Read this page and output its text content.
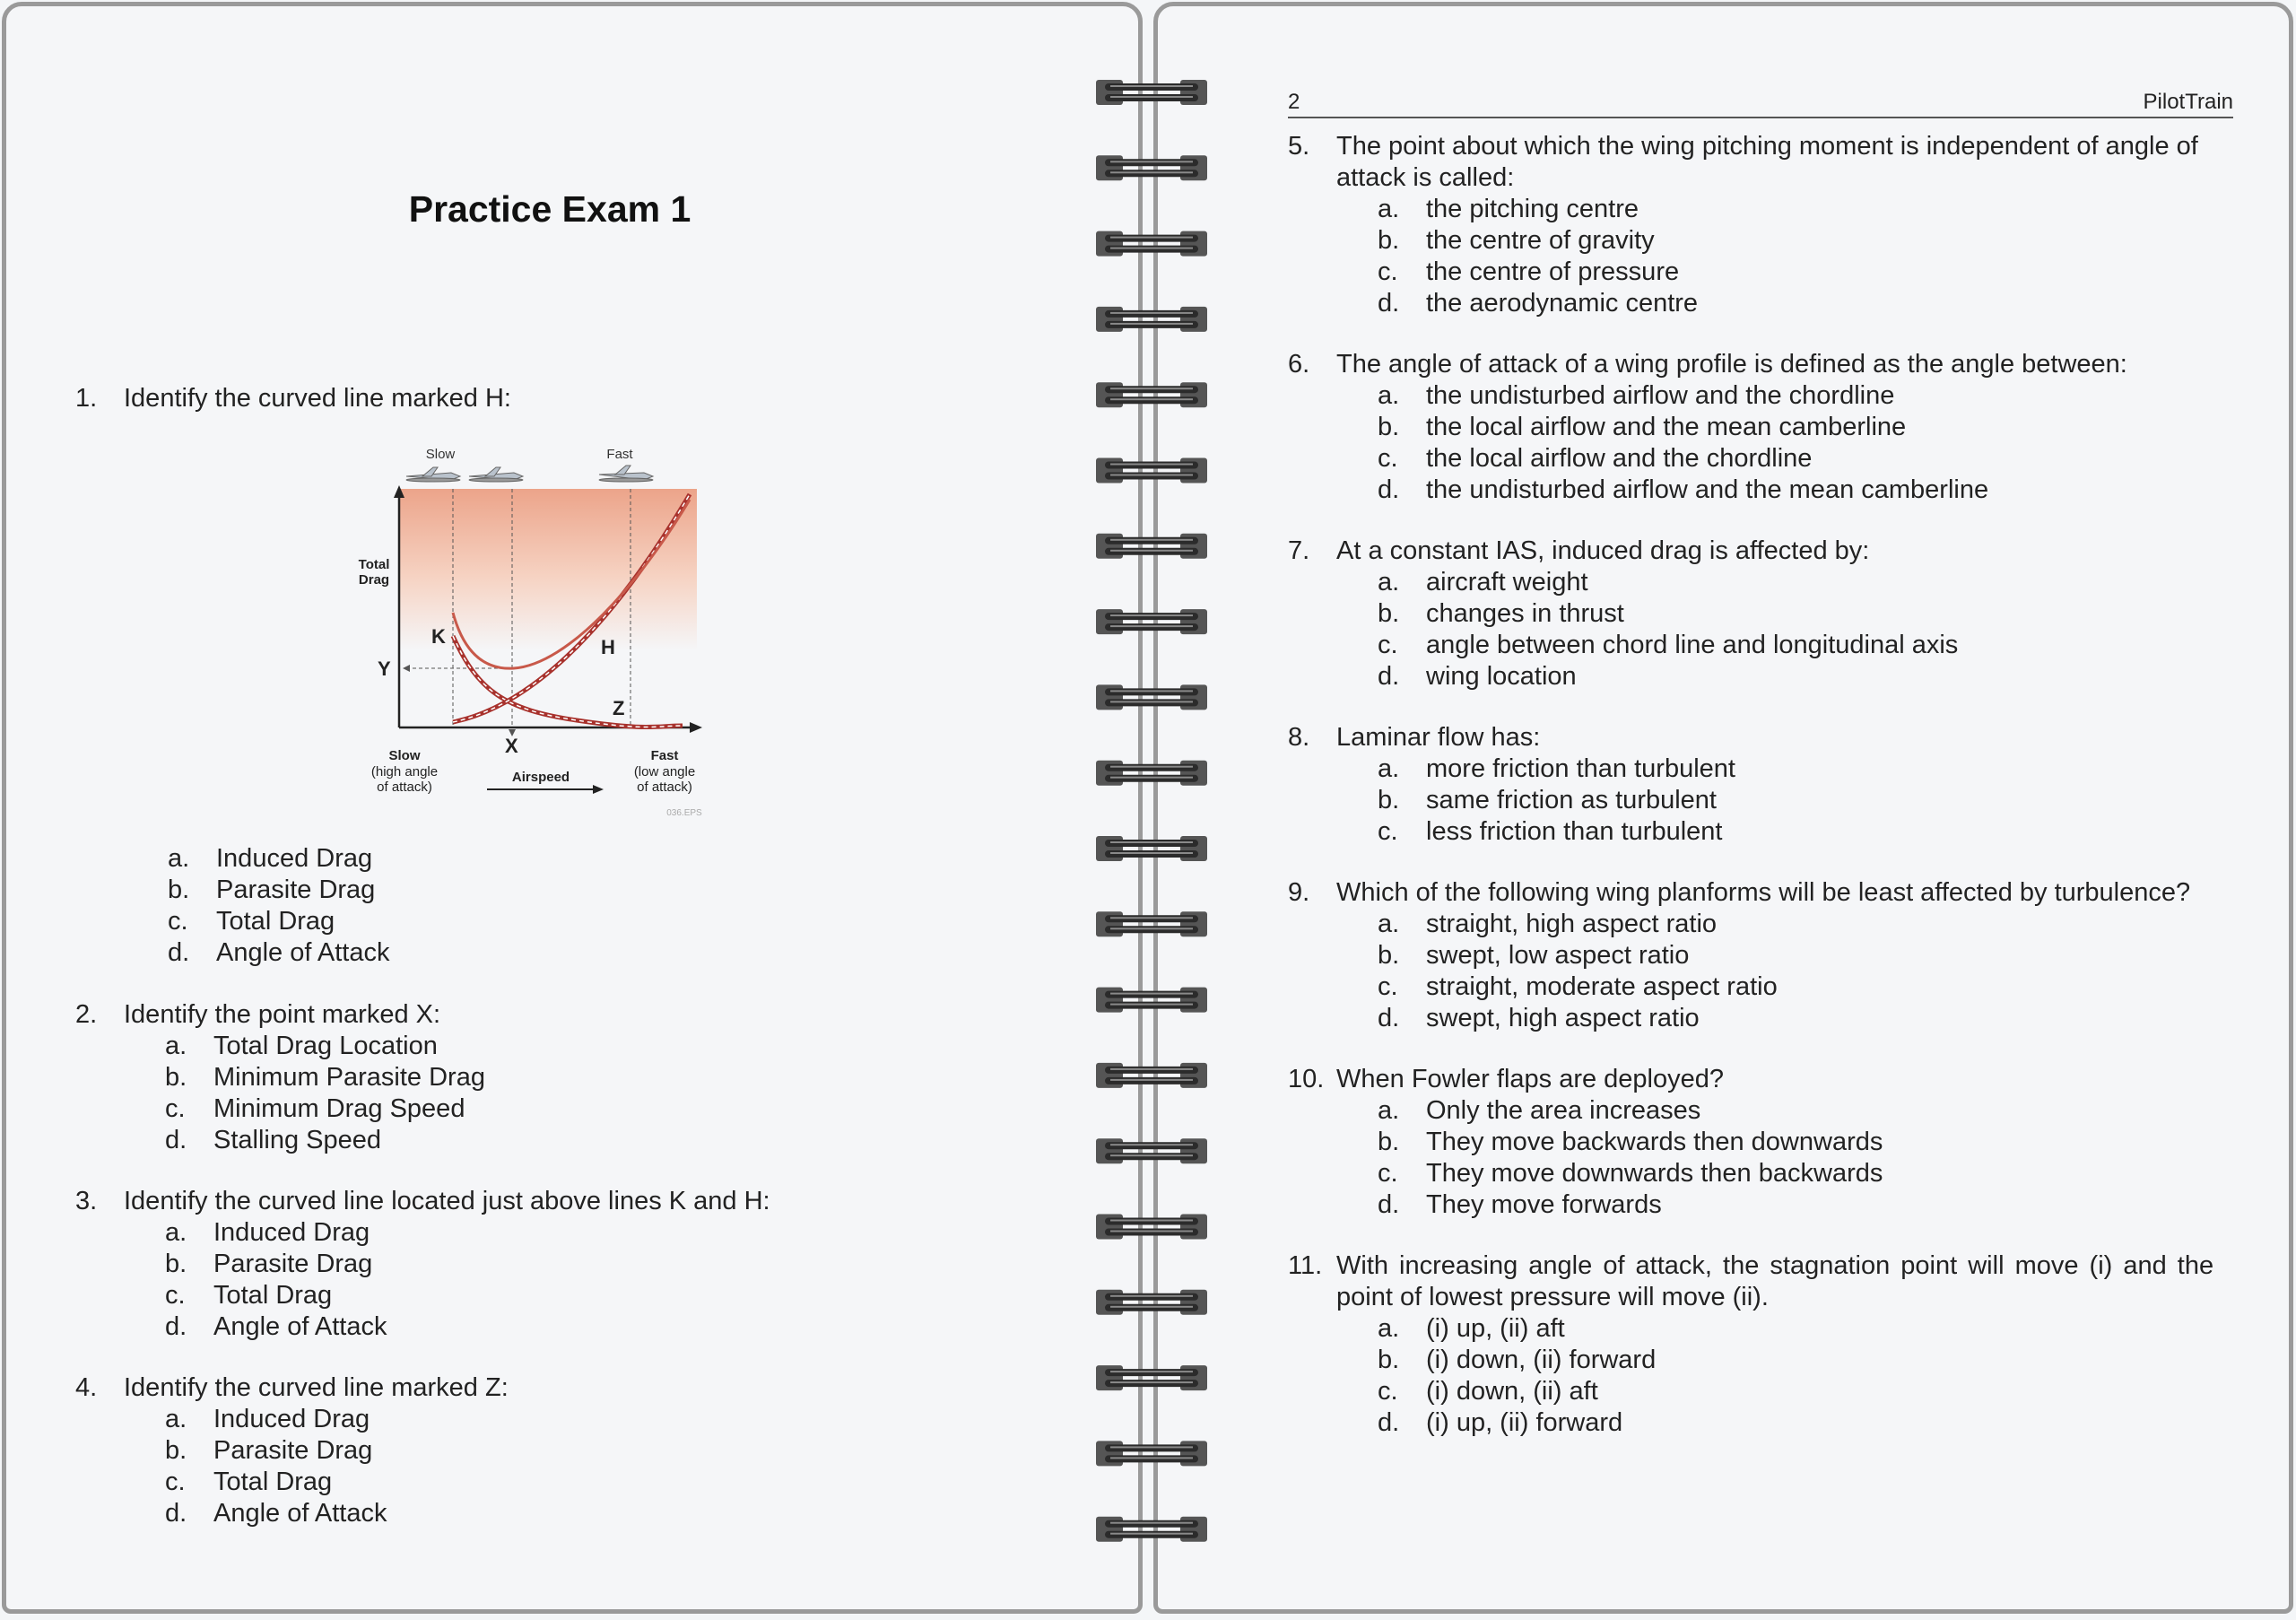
Practice Exam 1
1. Identify the curved line marked H:
Slow	Fast
K	H
Y
Z
X
Total
Drag
Slow
(high angle
of attack)
Fast
(low angle
of attack)
Airspeed
036.EPS
a. Induced Drag
b. Parasite Drag
c. Total Drag
d. Angle of Attack
2. Identify the point marked X:
a. Total Drag Location
b. Minimum Parasite Drag
c. Minimum Drag Speed
d. Stalling Speed
3. Identify the curved line located just above lines K and H:
a. Induced Drag
b. Parasite Drag
c. Total Drag
d. Angle of Attack
4. Identify the curved line marked Z:
a. Induced Drag
b. Parasite Drag
c. Total Drag
d. Angle of Attack
2	PilotTrain
5. The point about which the wing pitching moment is independent of angle of
attack is called:
a. the pitching centre
b. the centre of gravity
c. the centre of pressure
d. the aerodynamic centre
6. The angle of attack of a wing profile is defined as the angle between:
a. the undisturbed airflow and the chordline
b. the local airflow and the mean camberline
c. the local airflow and the chordline
d. the undisturbed airflow and the mean camberline
7. At a constant IAS, induced drag is affected by:
a. aircraft weight
b. changes in thrust
c. angle between chord line and longitudinal axis
d. wing location
8. Laminar flow has:
a. more friction than turbulent
b. same friction as turbulent
c. less friction than turbulent
9. Which of the following wing planforms will be least affected by turbulence?
a. straight, high aspect ratio
b. swept, low aspect ratio
c. straight, moderate aspect ratio
d. swept, high aspect ratio
10. When Fowler flaps are deployed?
a. Only the area increases
b. They move backwards then downwards
c. They move downwards then backwards
d. They move forwards
11. With increasing angle of attack, the stagnation point will move (i) and the
point of lowest pressure will move (ii).
a. (i) up, (ii) aft
b. (i) down, (ii) forward
c. (i) down, (ii) aft
d. (i) up, (ii) forward
